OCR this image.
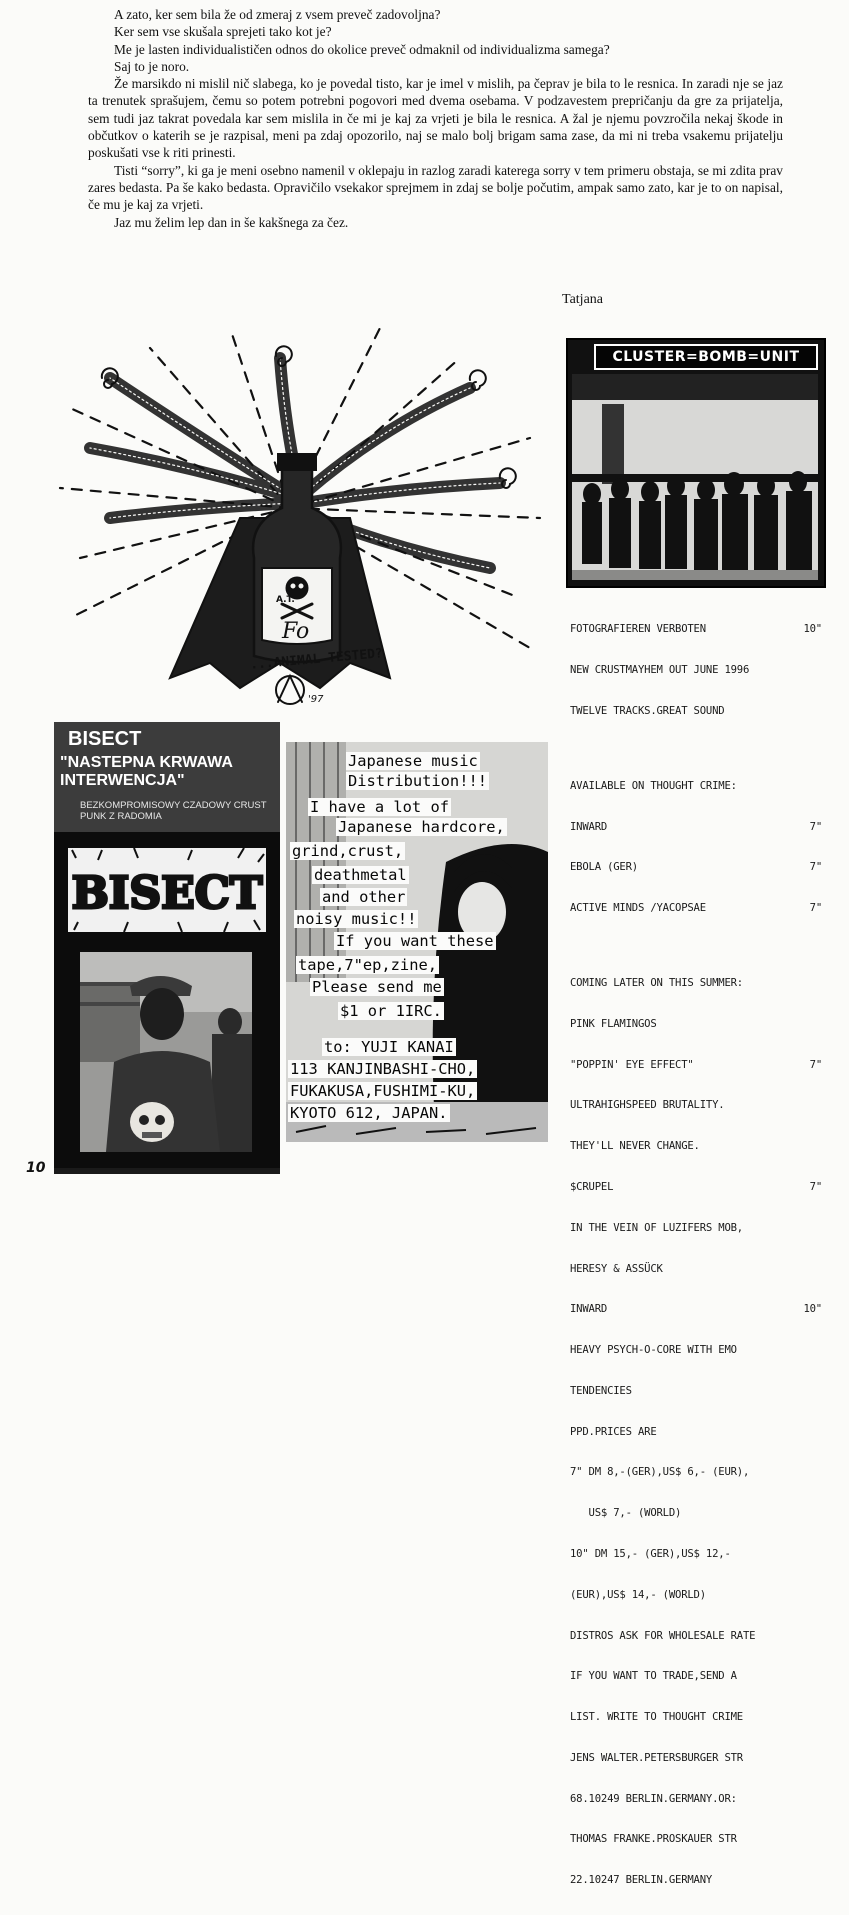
A zato, ker sem bila že od zmeraj z vsem preveč zadovoljna?

Ker sem vse skušala sprejeti tako kot je?

Me je lasten individualističen odnos do okolice preveč odmaknil od individualizma samega?

Saj to je noro.

Že marsikdo ni mislil nič slabega, ko je povedal tisto, kar je imel v mislih, pa čeprav je bila to le resnica. In zaradi nje se jaz ta trenutek sprašujem, čemu so potem potrebni pogovori med dvema osebama. V podzavestem prepričanju da gre za prijatelja, sem tudi jaz takrat povedala kar sem mislila in če mi je kaj za vrjeti je bila le resnica. A žal je njemu povzročila nekaj škode in občutkov o katerih se je razpisal, meni pa zdaj opozorilo, naj se malo bolj brigam sama zase, da mi ni treba vsakemu prijatelju poskušati vse k riti prinesti.

Tisti “sorry”, ki ga je meni osebno namenil v oklepaju in razlog zaradi katerega sorry v tem primeru obstaja, se mi zdita prav zares bedasta. Pa še kako bedasta. Opravičilo vsekakor sprejmem in zdaj se bolje počutim, ampak samo zato, kar je to on napisal, če mu je kaj za vrjeti.

Jaz mu želim lep dan in še kakšnega za čez.

Tatjana
A.T.
Fo
'97
...ANIMAL TESTED?
CLUSTER=BOMB=UNIT

FOTOGRAFIEREN VERBOTEN	10"

NEW CRUSTMAYHEM OUT JUNE 1996

TWELVE TRACKS.GREAT SOUND

AVAILABLE ON THOUGHT CRIME:

INWARD	7"

EBOLA (GER)	7"

ACTIVE MINDS /YACOPSAE	7"

COMING LATER ON THIS SUMMER:

PINK FLAMINGOS

"POPPIN' EYE EFFECT"	7"

ULTRAHIGHSPEED BRUTALITY.

THEY'LL NEVER CHANGE.

$CRUPEL	7"

IN THE VEIN OF LUZIFERS MOB,

HERESY & ASSÜCK

INWARD	10"

HEAVY PSYCH-O-CORE WITH EMO

TENDENCIES

PPD.PRICES ARE

7" DM 8,-(GER),US$ 6,- (EUR),

US$ 7,- (WORLD)

10" DM 15,- (GER),US$ 12,-

(EUR),US$ 14,- (WORLD)

DISTROS ASK FOR WHOLESALE RATE

IF YOU WANT TO TRADE,SEND A

LIST. WRITE TO THOUGHT CRIME

JENS WALTER.PETERSBURGER STR

68.10249 BERLIN.GERMANY.OR:

THOMAS FRANKE.PROSKAUER STR

22.10247 BERLIN.GERMANY

BISECT
"NASTEPNA KRWAWA INTERWENCJA"
BEZKOMPROMISOWY CZADOWY CRUST PUNK Z RADOMIA
BISECT
Japanese music
Distribution!!!
I have a lot of
Japanese hardcore,
grind,crust,
deathmetal
and other
noisy music!!
If you want these
tape,7"ep,zine,
Please send me
$1 or 1IRC.
to: YUJI KANAI
113 KANJINBASHI-CHO,
FUKAKUSA,FUSHIMI-KU,
KYOTO 612, JAPAN.
10
